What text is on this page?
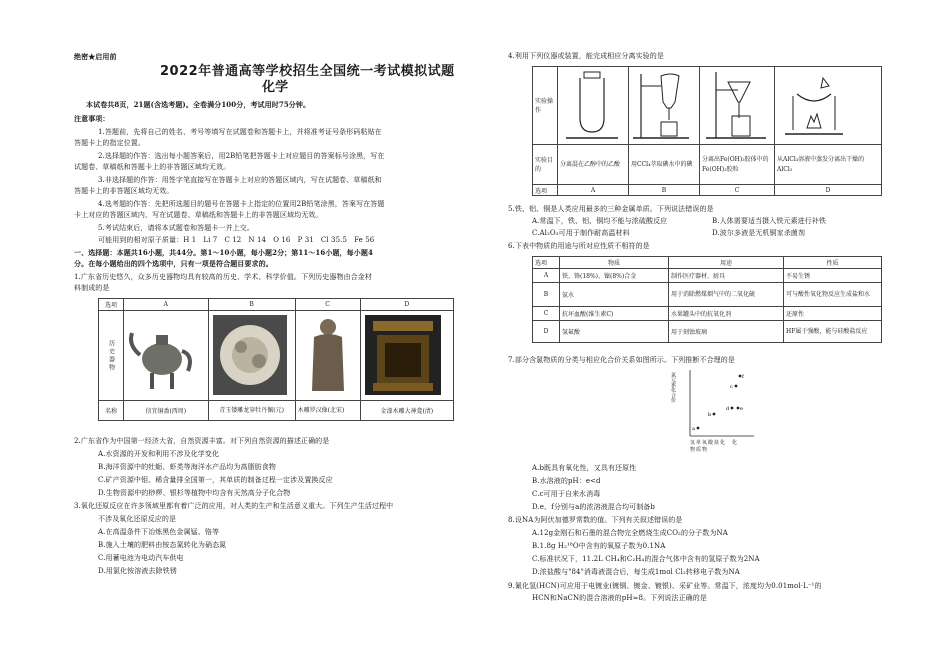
绝密★启用前
2022年普通高等学校招生全国统一考试模拟试题
化学
本试卷共8页，21题(含选考题)。全卷满分100分，考试用时75分钟。
注意事项：
1.答题前，先将自己的姓名、考号等填写在试题卷和答题卡上，并将准考证号条形码粘贴在
答题卡上的指定位置。
2.选择题的作答：选出每小题答案后，用2B铅笔把答题卡上对应题目的答案标号涂黑，写在
试题卷、草稿纸和答题卡上的非答题区域均无效。
3.非选择题的作答：用签字笔直接写在答题卡上对应的答题区域内，写在试题卷、草稿纸和
答题卡上的非答题区域均无效。
4.选考题的作答：先把所选题目的题号在答题卡上指定的位置用2B铅笔涂黑，答案写在答题
卡上对应的答题区域内，写在试题卷、草稿纸和答题卡上的非答题区域均无效。
5.考试结束后，请将本试题卷和答题卡一并上交。
可能用到的相对原子质量：H 1　Li 7　C 12　N 14　O 16　P 31　Cl 35.5　Fe 56
一、选择题：本题共16小题，共44分。第1～10小题，每小题2分；第11～16小题，每小题4
分。在每小题给出的四个选项中，只有一项是符合题目要求的。
1.广东省历史悠久，众多历史器物均具有较高的历史、学术、科学价值。下列历史器物由合金材
料制成的是
选项	A	B	C	D
历史器物				
名称	信宜铜盉(西周)	青玉镂雕龙穿牡丹佩(元)	木雕罗汉像(北宋)	金漆木雕大神龛(清)
2.广东省作为中国第一经济大省，自然资源丰富。对下列自然资源的描述正确的是
A.水资源的开发和利用不涉及化学变化
B.海洋资源中的牡蛎、虾类等海洋水产品均为高脂肪食物
C.矿产资源中钼、稀含量排全国第一，其单质的制备过程一定涉及置换反应
D.生物资源中的桫椤、银杉等植物中均含有天然高分子化合物
3.氧化还原反应在许多领域里都有着广泛的应用，对人类的生产和生活意义重大。下列生产生活过程中
不涉及氧化还原反应的是
A.在高温条件下冶炼黑色金属锰、铬等
B.施入土壤的肥料由铵态氮转化为硝态氮
C.用蓄电池为电动汽车供电
D.用氯化铵溶液去除铁锈
4.利用下列仪器或装置，能完成相应分离实验的是
实验操作				
实验目的	分离混在乙醇中的乙酸	用CCl₄萃取碘水中的碘	分离出Fe(OH)₃胶体中的Fe(OH)₃胶粒	从AlCl₃溶液中蒸发分离出干燥的AlCl₃
选项	A	B	C	D
5.铁、铝、铜是人类应用最多的三种金属单质。下列说法错误的是
A.常温下，铁、铝、铜均不能与浓硫酸反应	B.人体需要适当摄入铁元素进行补铁
C.Al₂O₃可用于制作耐高温材料	D.波尔多液是无机铜家杀菌剂
6.下表中物质的用途与所对应性质不相符的是
选项	物质	用途	性质
A	铁、铬(18%)、镍(8%)合金	制作医疗器材、厨具	不易生锈
B	氨水	用于消除燃煤烟气中的二氧化硫	可与酸性氧化物反应生成盐和水
C	抗坏血酸(维生素C)	水果罐头中的抗氧化剂	还原性
D	氢氟酸	用于刻蚀玻璃	HF属于强酸，能与硅酸盐反应
7.部分含氯物质的分类与相应化合价关系如图所示。下列推断不合理的是
a
b
d e
c
f
氯元素化合价
氢单氧酸盐化　化物质物
A.b既具有氧化性，又具有还原性
B.水溶液的pH：e<d
C.c可用于自来水消毒
D.e、f分别与a的浓溶液混合均可制备b
8.设NA为阿伏加德罗常数的值。下列有关叙述错误的是
A.12g金刚石和石墨的混合物完全燃烧生成CO₂的分子数为NA
B.1.8g H₂¹⁸O中含有的氧原子数为0.1NA
C.标准状况下，11.2L CH₄和C₂H₄的混合气体中含有的氢原子数为2NA
D.浓盐酸与"84"消毒液混合后，每生成1mol Cl₂转移电子数为NA
9.氰化氢(HCN)可应用于电镀业(镀铜、镀金、镀银)、采矿业等。常温下，浓度均为0.01mol·L⁻¹的
HCN和NaCN的混合溶液的pH≈8。下列说法正确的是
